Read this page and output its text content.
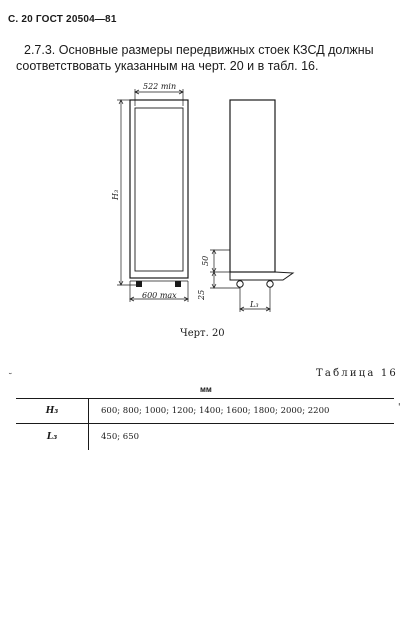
С. 20 ГОСТ 20504—81
2.7.3. Основные размеры передвижных стоек КЗСД должны
соответствовать указанным на черт. 20 и в табл. 16.
522 min
H₃
600 max
50
25
L₃
Черт. 20
˘
'
Таблица 16
мм
H₃	600; 800; 1000; 1200; 1400; 1600; 1800; 2000; 2200
L₃	450; 650
